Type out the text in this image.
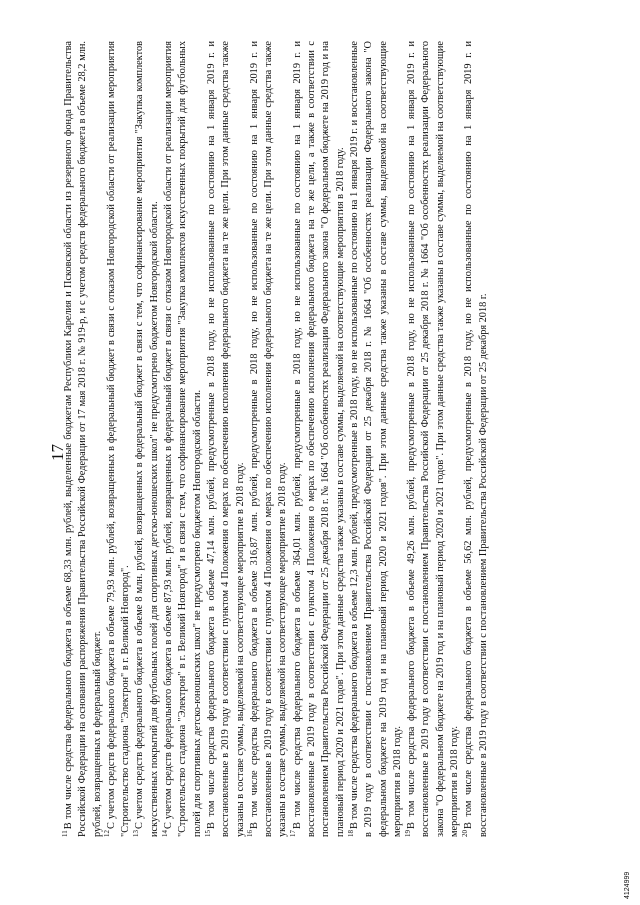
17

$^{11}$В том числе средства федерального бюджета в объеме 68,33 млн. рублей, выделенные бюджетам Республики Карелия и Псковской области из резервного фонда Правительства Российской Федерации на основании распоряжения Правительства Российской Федерации от 17 мая 2018 г. № 919-р, и с учетом средств федерального бюджета в объеме 28,2 млн. рублей, возвращенных в федеральный бюджет. $^{12}$С учетом средств федерального бюджета в объеме 79,93 млн. рублей, возвращенных в федеральный бюджет в связи с отказом Новгородской области от реализации мероприятия "Строительство стадиона "Электрон" в г. Великий Новгород". $^{13}$С учетом средств федерального бюджета в объеме 8 млн. рублей, возвращенных в федеральный бюджет в связи с тем, что софинансирование мероприятия "Закупка комплектов искусственных покрытий для футбольных полей для спортивных детско-юношеских школ" не предусмотрено бюджетом Новгородской области. $^{14}$С учетом средств федерального бюджета в объеме 87,93 млн. рублей, возвращенных в федеральный бюджет в связи с отказом Новгородской области от реализации мероприятия "Строительство стадиона "Электрон" в г. Великий Новгород" и в связи с тем, что софинансирование мероприятия "Закупка комплектов искусственных покрытий для футбольных полей для спортивных детско-юношеских школ" не предусмотрено бюджетом Новгородской области. $^{15}$В том числе средства федерального бюджета в объеме 47,14 млн. рублей, предусмотренные в 2018 году, но не использованные по состоянию на 1 января 2019 г. и восстановленные в 2019 году в соответствии с пунктом 4 Положения о мерах по обеспечению исполнения федерального бюджета на те же цели. При этом данные средства также указаны в составе суммы, выделяемой на соответствующее мероприятие в 2018 году. $^{16}$В том числе средства федерального бюджета в объеме 316,87 млн. рублей, предусмотренные в 2018 году, но не использованные по состоянию на 1 января 2019 г. и восстановленные в 2019 году в соответствии с пунктом 4 Положения о мерах по обеспечению исполнения федерального бюджета на те же цели. При этом данные средства также указаны в составе суммы, выделяемой на соответствующее мероприятие в 2018 году. $^{17}$В том числе средства федерального бюджета в объеме 364,01 млн. рублей, предусмотренные в 2018 году, но не использованные по состоянию на 1 января 2019 г. и восстановленные в 2019 году в соответствии с пунктом 4 Положения о мерах по обеспечению исполнения федерального бюджета на те же цели, а также в соответствии с постановлением Правительства Российской Федерации от 25 декабря 2018 г. № 1664 "Об особенностях реализации Федерального закона "О федеральном бюджете на 2019 год и на плановый период 2020 и 2021 годов". При этом данные средства также указаны в составе суммы, выделяемой на соответствующие мероприятия в 2018 году. $^{18}$В том числе средства федерального бюджета в объеме 12,3 млн. рублей, предусмотренные в 2018 году, но не использованные по состоянию на 1 января 2019 г. и восстановленные в 2019 году в соответствии с постановлением Правительства Российской Федерации от 25 декабря 2018 г. № 1664 "Об особенностях реализации Федерального закона "О федеральном бюджете на 2019 год и на плановый период 2020 и 2021 годов". При этом данные средства также указаны в составе суммы, выделяемой на соответствующие мероприятия в 2018 году. $^{19}$В том числе средства федерального бюджета в объеме 49,26 млн. рублей, предусмотренные в 2018 году, но не использованные по состоянию на 1 января 2019 г. и восстановленные в 2019 году в соответствии с постановлением Правительства Российской Федерации от 25 декабря 2018 г. № 1664 "Об особенностях реализации Федерального закона "О федеральном бюджете на 2019 год и на плановый период 2020 и 2021 годов". При этом данные средства также указаны в составе суммы, выделяемой на соответствующие мероприятия в 2018 году. $^{20}$В том числе средства федерального бюджета в объеме 56,62 млн. рублей, предусмотренные в 2018 году, но не использованные по состоянию на 1 января 2019 г. и восстановленные в 2019 году в соответствии с постановлением Правительства Российской Федерации от 25 декабря 2018 г.

4124999
